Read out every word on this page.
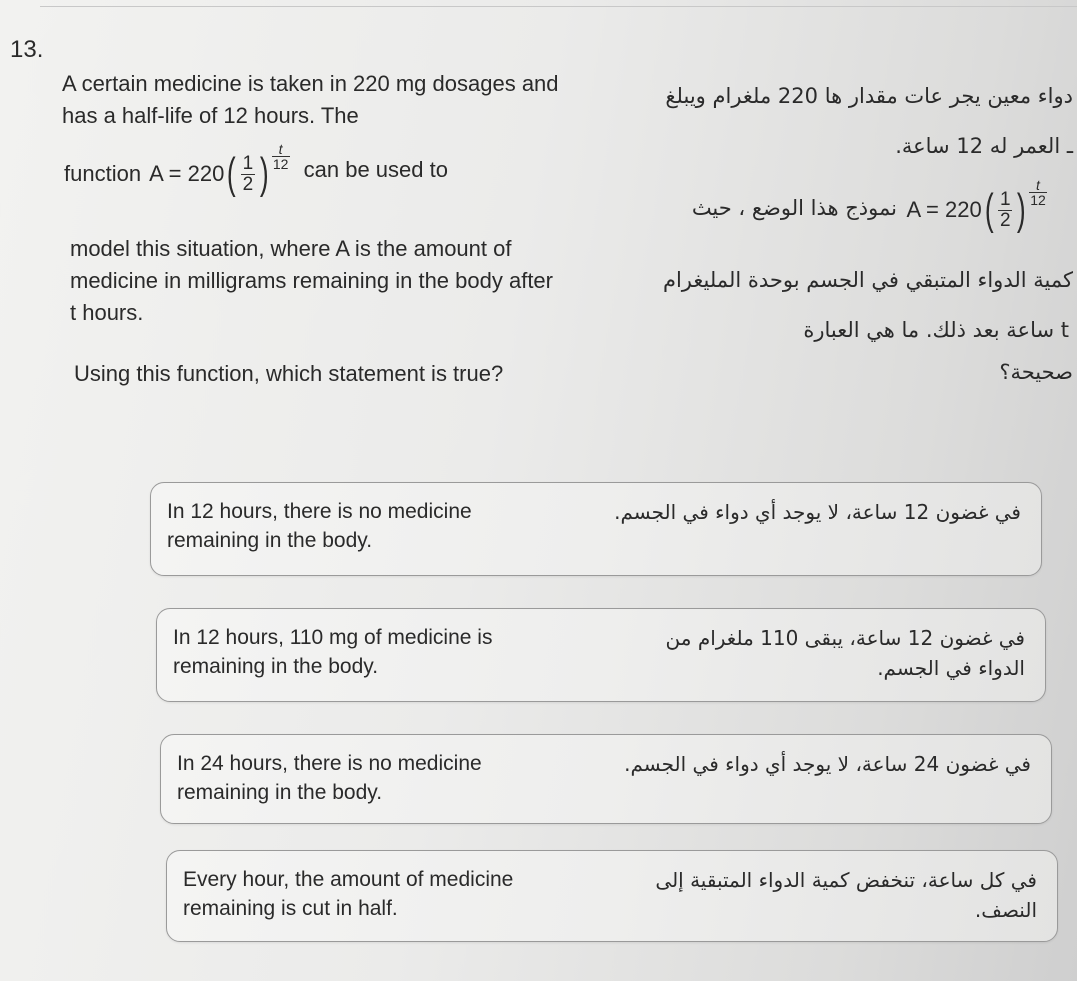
13.
A certain medicine is taken in 220 mg dosages and has a half-life of 12 hours. The
function A = 220 ( $\frac{1}{2}$ )
t
12 can be used to
model this situation, where A is the amount of medicine in milligrams remaining in the body after t hours.
Using this function, which statement is true?
دواء معين يجر عات مقدار ها 220 ملغرام ويبلغ
ـ العمر له 12 ساعة.
A = 220 ( $\frac{1}{2}$ )
t
12
نموذج هذا الوضع ، حيث
كمية الدواء المتبقي في الجسم بوحدة المليغرام
t ساعة بعد ذلك. ما هي العبارة
صحيحة؟
In 12 hours, there is no medicine remaining in the body.
في غضون 12 ساعة، لا يوجد أي دواء في الجسم.
In 12 hours, 110 mg of medicine is remaining in the body.
في غضون 12 ساعة، يبقى 110 ملغرام من الدواء في الجسم.
In 24 hours, there is no medicine remaining in the body.
في غضون 24 ساعة، لا يوجد أي دواء في الجسم.
Every hour, the amount of medicine remaining is cut in half.
في كل ساعة، تنخفض كمية الدواء المتبقية إلى النصف.
